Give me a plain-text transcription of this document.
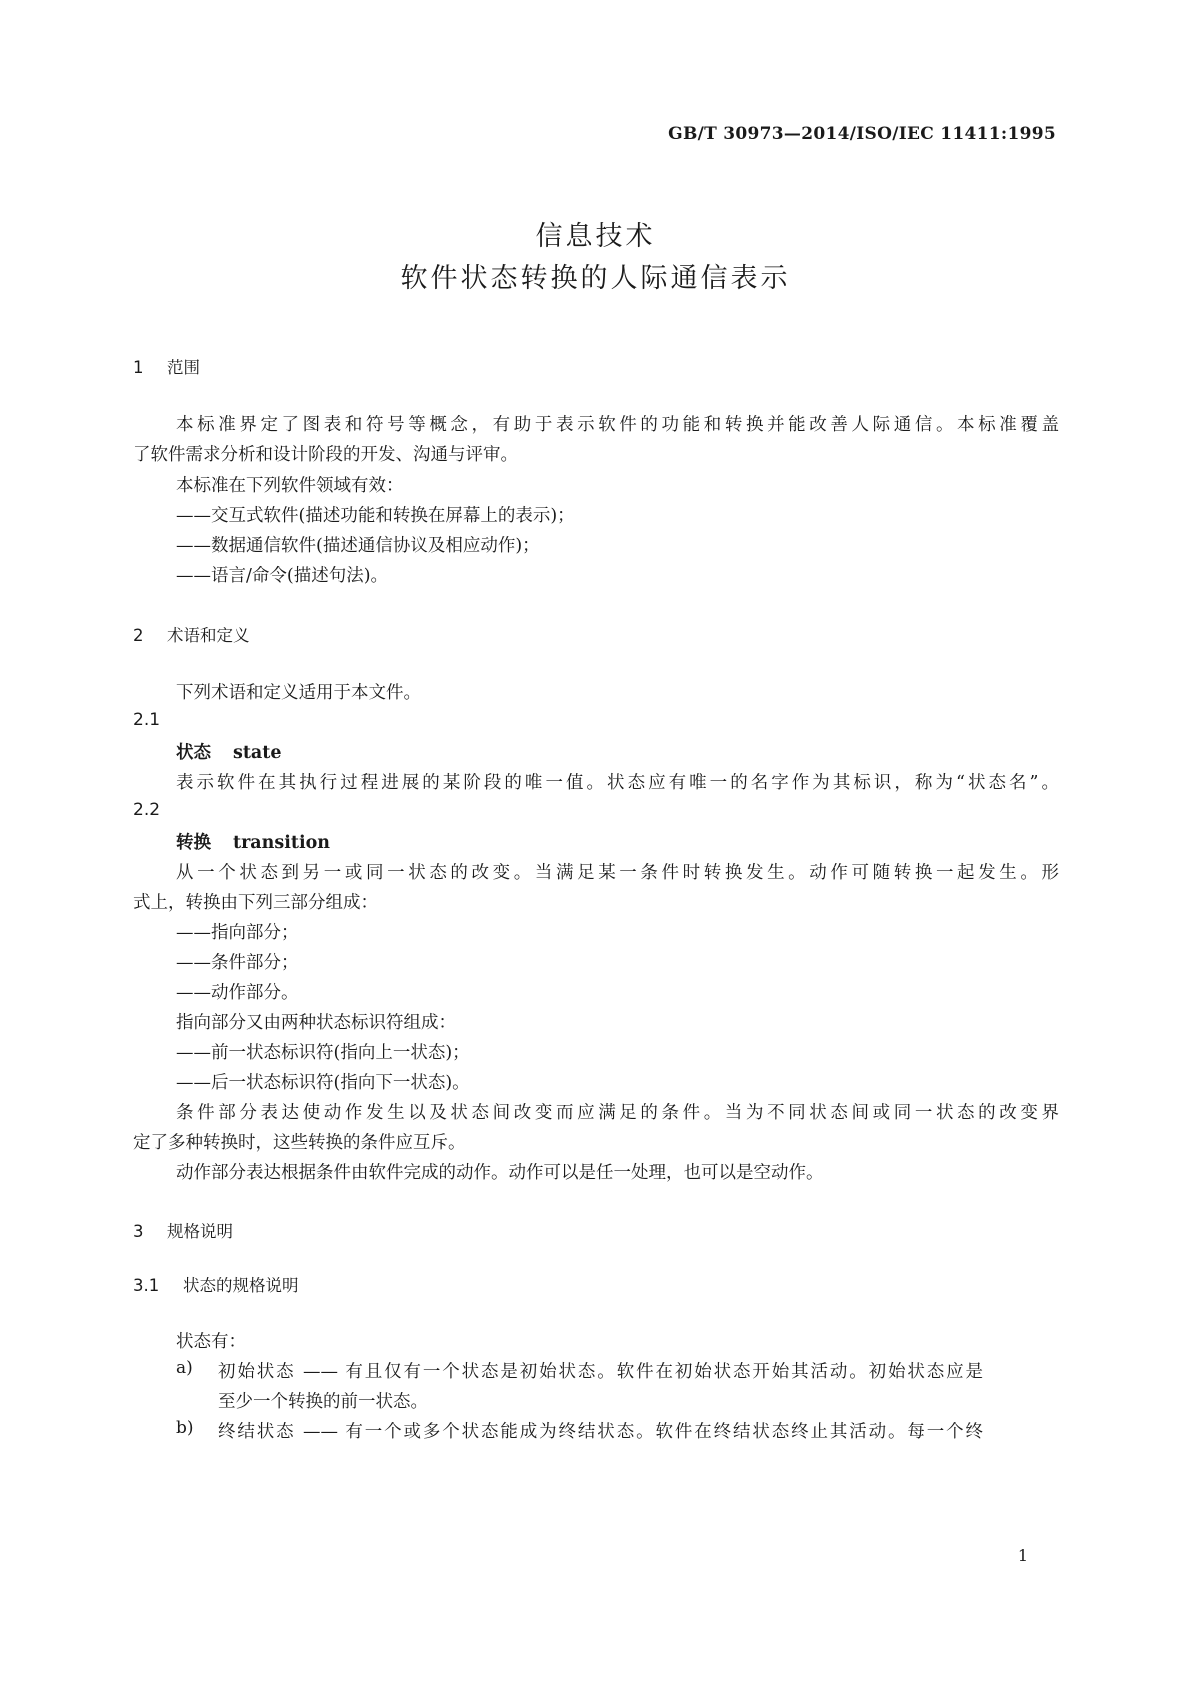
GB/T 30973—2014/ISO/IEC 11411:1995
信息技术
软件状态转换的人际通信表示
1 范围
本标准界定了图表和符号等概念，有助于表示软件的功能和转换并能改善人际通信。本标准覆盖
了软件需求分析和设计阶段的开发、沟通与评审。
本标准在下列软件领域有效：
——交互式软件(描述功能和转换在屏幕上的表示)；
——数据通信软件(描述通信协议及相应动作)；
——语言/命令(描述句法)。
2 术语和定义
下列术语和定义适用于本文件。
2.1
状态 state
表示软件在其执行过程进展的某阶段的唯一值。状态应有唯一的名字作为其标识，称为“状态名”。
2.2
转换 transition
从一个状态到另一或同一状态的改变。当满足某一条件时转换发生。动作可随转换一起发生。形
式上，转换由下列三部分组成：
——指向部分；
——条件部分；
——动作部分。
指向部分又由两种状态标识符组成：
——前一状态标识符(指向上一状态)；
——后一状态标识符(指向下一状态)。
条件部分表达使动作发生以及状态间改变而应满足的条件。当为不同状态间或同一状态的改变界
定了多种转换时，这些转换的条件应互斥。
动作部分表达根据条件由软件完成的动作。动作可以是任一处理，也可以是空动作。
3 规格说明
3.1 状态的规格说明
状态有：
a) 初始状态 —— 有且仅有一个状态是初始状态。软件在初始状态开始其活动。初始状态应是
至少一个转换的前一状态。
b) 终结状态 —— 有一个或多个状态能成为终结状态。软件在终结状态终止其活动。每一个终
1
